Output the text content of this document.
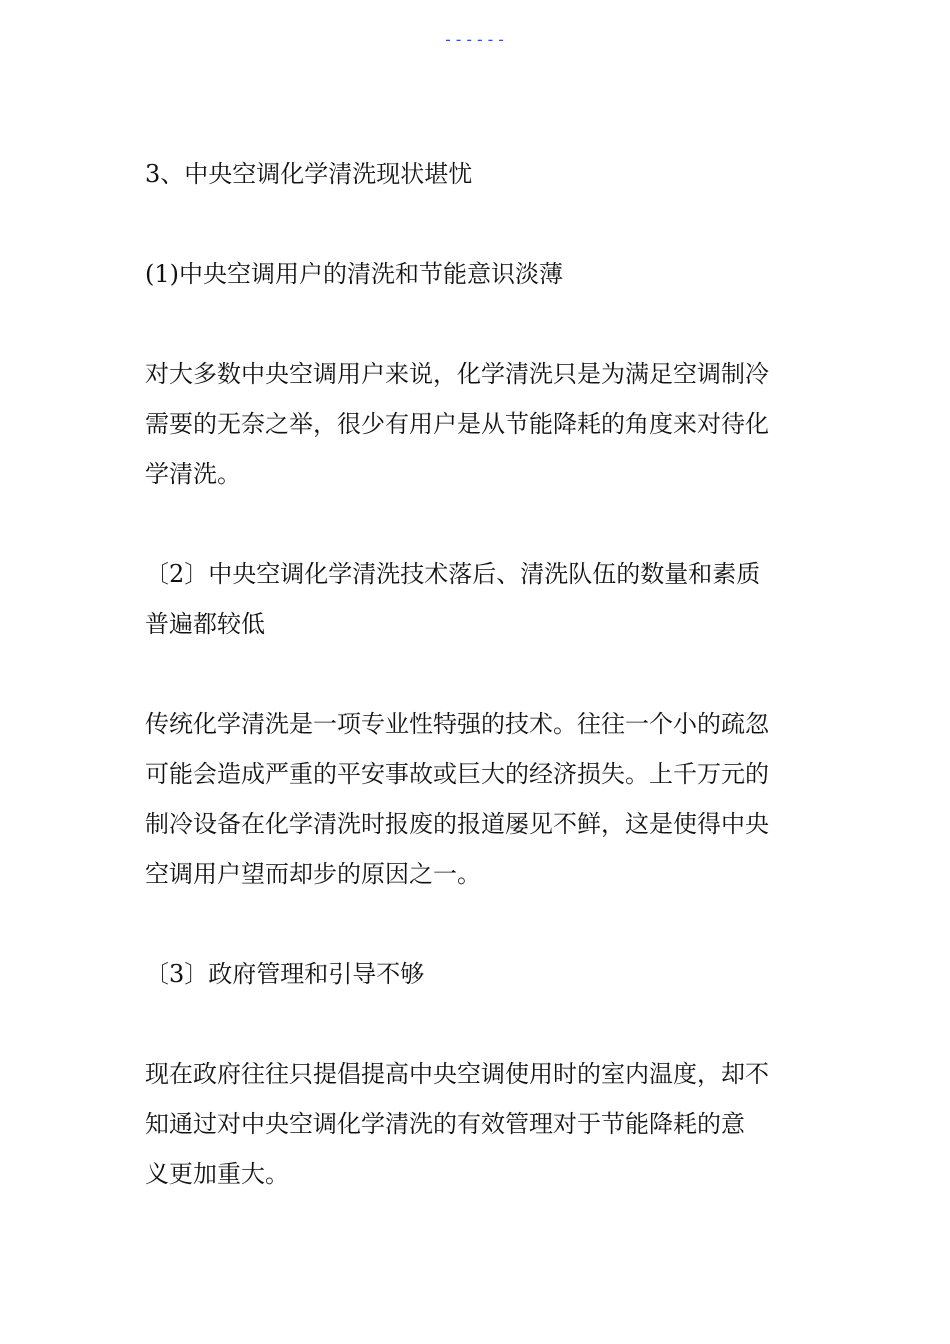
------

3、中央空调化学清洗现状堪忧

(1)中央空调用户的清洗和节能意识淡薄

对大多数中央空调用户来说，化学清洗只是为满足空调制冷

需要的无奈之举，很少有用户是从节能降耗的角度来对待化

学清洗。

〔2〕中央空调化学清洗技术落后、清洗队伍的数量和素质

普遍都较低

传统化学清洗是一项专业性特强的技术。往往一个小的疏忽

可能会造成严重的平安事故或巨大的经济损失。上千万元的

制冷设备在化学清洗时报废的报道屡见不鲜，这是使得中央

空调用户望而却步的原因之一。

〔3〕政府管理和引导不够

现在政府往往只提倡提高中央空调使用时的室内温度，却不

知通过对中央空调化学清洗的有效管理对于节能降耗的意

义更加重大。
